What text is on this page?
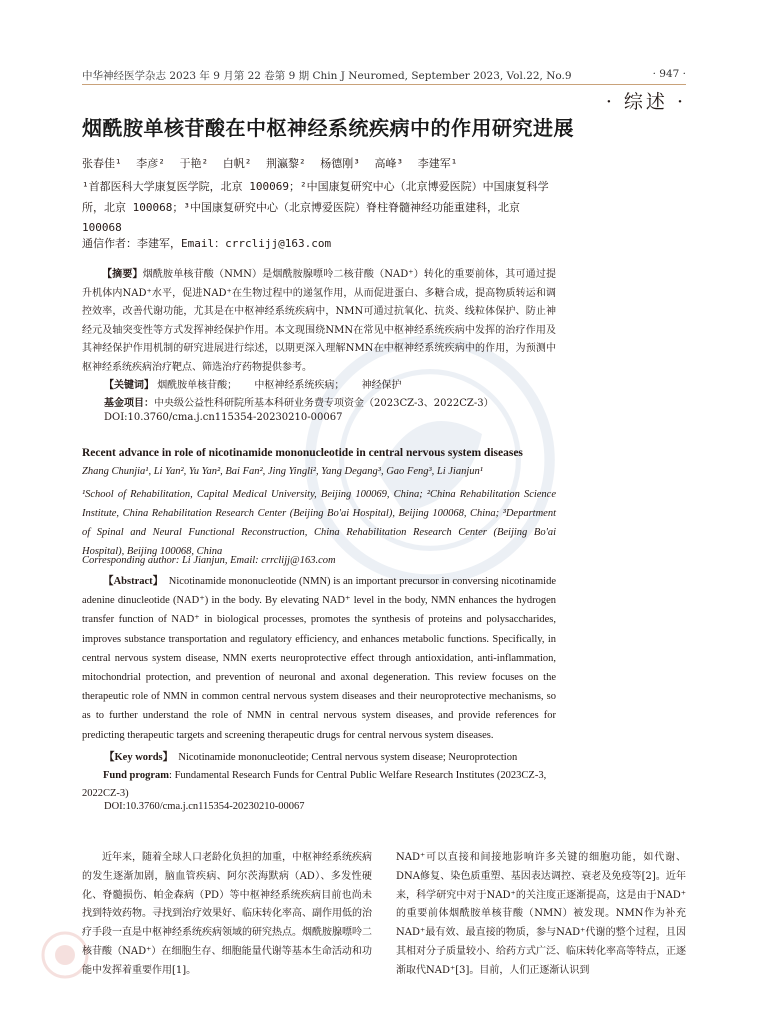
中华神经医学杂志 2023 年 9 月第 22 卷第 9 期 Chin J Neuromed, September 2023, Vol.22, No.9	· 947 ·
· 综述 ·
烟酰胺单核苷酸在中枢神经系统疾病中的作用研究进展
张春佳¹ 李彦² 于艳² 白帆² 荆瀛黎² 杨德刚³ 高峰³ 李建军¹
¹首都医科大学康复医学院，北京 100069；²中国康复研究中心（北京博爱医院）中国康复科学所，北京 100068；³中国康复研究中心（北京博爱医院）脊柱脊髓神经功能重建科，北京 100068
通信作者：李建军，Email：crrclijj@163.com
【摘要】烟酰胺单核苷酸（NMN）是烟酰胺腺嘌呤二核苷酸（NAD⁺）转化的重要前体，其可通过提升机体内NAD⁺水平，促进NAD⁺在生物过程中的递氢作用，从而促进蛋白、多糖合成，提高物质转运和调控效率，改善代谢功能，尤其是在中枢神经系统疾病中，NMN可通过抗氧化、抗炎、线粒体保护、防止神经元及轴突变性等方式发挥神经保护作用。本文现围绕NMN在常见中枢神经系统疾病中发挥的治疗作用及其神经保护作用机制的研究进展进行综述，以期更深入理解NMN在中枢神经系统疾病中的作用，为预测中枢神经系统疾病治疗靶点、筛选治疗药物提供参考。
【关键词】 烟酰胺单核苷酸； 中枢神经系统疾病； 神经保护
基金项目：中央级公益性科研院所基本科研业务费专项资金（2023CZ-3、2022CZ-3）
DOI:10.3760/cma.j.cn115354-20230210-00067
Recent advance in role of nicotinamide mononucleotide in central nervous system diseases
Zhang Chunjia¹, Li Yan², Yu Yan², Bai Fan², Jing Yingli², Yang Degang³, Gao Feng³, Li Jianjun¹
¹School of Rehabilitation, Capital Medical University, Beijing 100069, China; ²China Rehabilitation Science Institute, China Rehabilitation Research Center (Beijing Bo'ai Hospital), Beijing 100068, China; ³Department of Spinal and Neural Functional Reconstruction, China Rehabilitation Research Center (Beijing Bo'ai Hospital), Beijing 100068, China
Corresponding author: Li Jianjun, Email: crrclijj@163.com
【Abstract】 Nicotinamide mononucleotide (NMN) is an important precursor in conversing nicotinamide adenine dinucleotide (NAD⁺) in the body. By elevating NAD⁺ level in the body, NMN enhances the hydrogen transfer function of NAD⁺ in biological processes, promotes the synthesis of proteins and polysaccharides, improves substance transportation and regulatory efficiency, and enhances metabolic functions. Specifically, in central nervous system disease, NMN exerts neuroprotective effect through antioxidation, anti-inflammation, mitochondrial protection, and prevention of neuronal and axonal degeneration. This review focuses on the therapeutic role of NMN in common central nervous system diseases and their neuroprotective mechanisms, so as to further understand the role of NMN in central nervous system diseases, and provide references for predicting therapeutic targets and screening therapeutic drugs for central nervous system diseases.
【Key words】 Nicotinamide mononucleotide; Central nervous system disease; Neuroprotection
Fund program: Fundamental Research Funds for Central Public Welfare Research Institutes (2023CZ-3, 2022CZ-3)
DOI:10.3760/cma.j.cn115354-20230210-00067
近年来，随着全球人口老龄化负担的加重，中枢神经系统疾病的发生逐渐加剧，脑血管疾病、阿尔茨海默病（AD）、多发性硬化、脊髓损伤、帕金森病（PD）等中枢神经系统疾病目前也尚未找到特效药物。寻找到治疗效果好、临床转化率高、副作用低的治疗手段一直是中枢神经系统疾病领域的研究热点。烟酰胺腺嘌呤二核苷酸（NAD⁺）在细胞生存、细胞能量代谢等基本生命活动和功能中发挥着重要作用[1]。
NAD⁺可以直接和间接地影响许多关键的细胞功能，如代谢、DNA修复、染色质重塑、基因表达调控、衰老及免疫等[2]。近年来，科学研究中对于NAD⁺的关注度正逐渐提高，这是由于NAD⁺的重要前体烟酰胺单核苷酸（NMN）被发现。NMN作为补充NAD⁺最有效、最直接的物质，参与NAD⁺代谢的整个过程，且因其相对分子质量较小、给药方式广泛、临床转化率高等特点，正逐渐取代NAD⁺[3]。目前，人们正逐渐认识到
